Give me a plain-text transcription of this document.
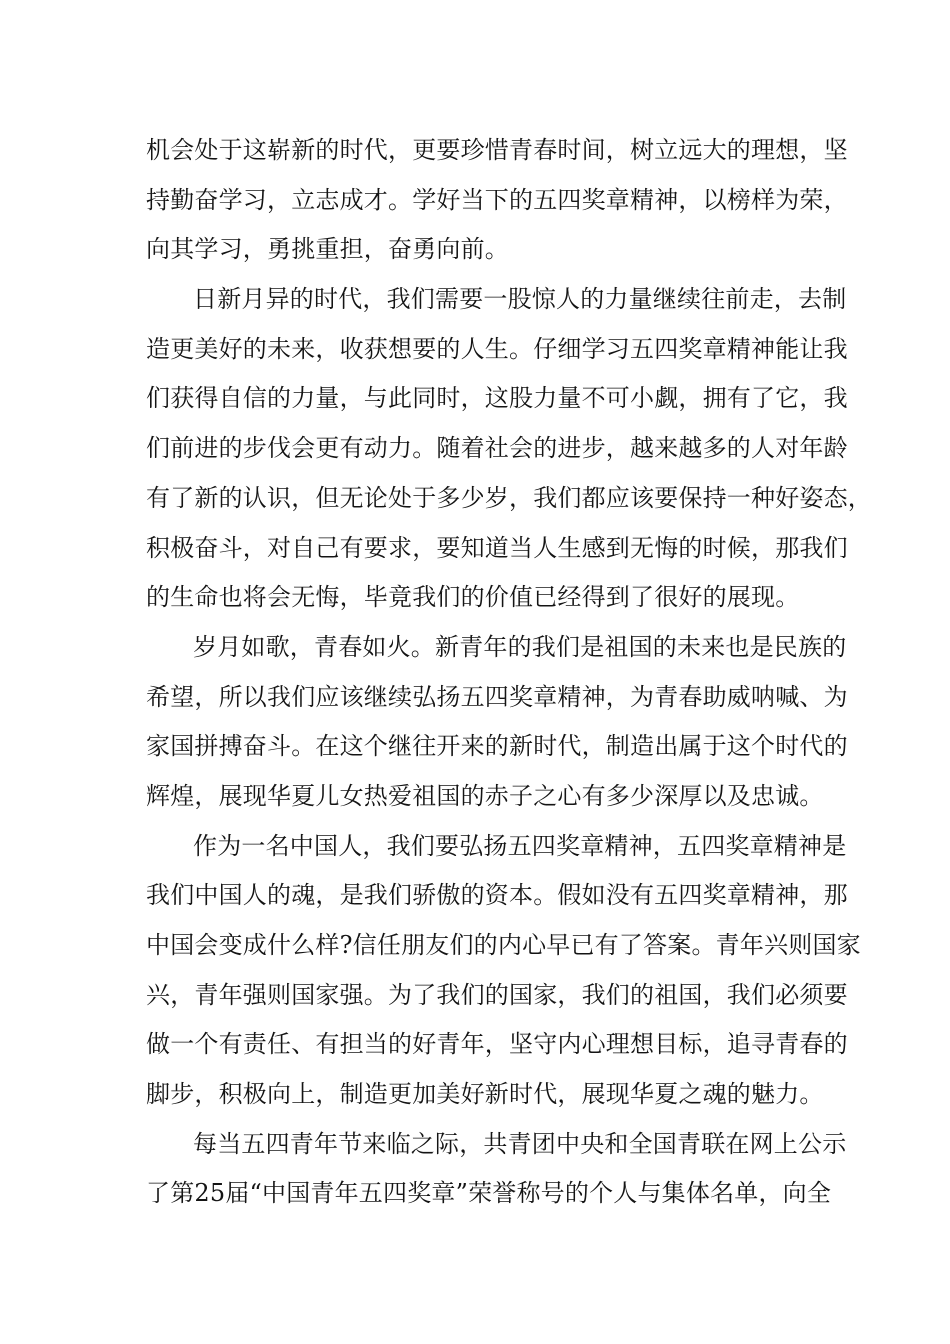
机会处于这崭新的时代，更要珍惜青春时间，树立远大的理想，坚
持勤奋学习，立志成才。学好当下的五四奖章精神，以榜样为荣，
向其学习，勇挑重担，奋勇向前。

日新月异的时代，我们需要一股惊人的力量继续往前走，去制
造更美好的未来，收获想要的人生。仔细学习五四奖章精神能让我
们获得自信的力量，与此同时，这股力量不可小觑，拥有了它，我
们前进的步伐会更有动力。随着社会的进步，越来越多的人对年龄
有了新的认识，但无论处于多少岁，我们都应该要保持一种好姿态，
积极奋斗，对自己有要求，要知道当人生感到无悔的时候，那我们
的生命也将会无悔，毕竟我们的价值已经得到了很好的展现。

岁月如歌，青春如火。新青年的我们是祖国的未来也是民族的
希望，所以我们应该继续弘扬五四奖章精神，为青春助威呐喊、为
家国拼搏奋斗。在这个继往开来的新时代，制造出属于这个时代的
辉煌，展现华夏儿女热爱祖国的赤子之心有多少深厚以及忠诚。

作为一名中国人，我们要弘扬五四奖章精神，五四奖章精神是
我们中国人的魂，是我们骄傲的资本。假如没有五四奖章精神，那
中国会变成什么样?信任朋友们的内心早已有了答案。青年兴则国家
兴，青年强则国家强。为了我们的国家，我们的祖国，我们必须要
做一个有责任、有担当的好青年，坚守内心理想目标，追寻青春的
脚步，积极向上，制造更加美好新时代，展现华夏之魂的魅力。

每当五四青年节来临之际，共青团中央和全国青联在网上公示
了第25届“中国青年五四奖章”荣誉称号的个人与集体名单，向全
